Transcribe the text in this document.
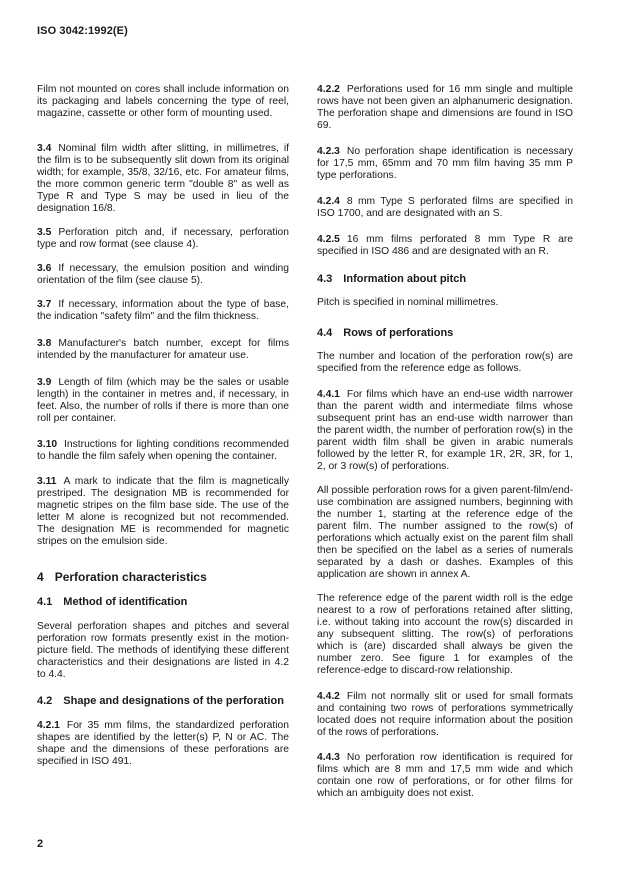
ISO 3042:1992(E)

Film not mounted on cores shall include information on its packaging and labels concerning the type of reel, magazine, cassette or other form of mounting used.

3.4 Nominal film width after slitting, in millimetres, if the film is to be subsequently slit down from its original width; for example, 35/8, 32/16, etc. For amateur films, the more common generic term "double 8" as well as Type R and Type S may be used in lieu of the designation 16/8.

3.5 Perforation pitch and, if necessary, perforation type and row format (see clause 4).

3.6 If necessary, the emulsion position and winding orientation of the film (see clause 5).

3.7 If necessary, information about the type of base, the indication "safety film" and the film thickness.

3.8 Manufacturer's batch number, except for films intended by the manufacturer for amateur use.

3.9 Length of film (which may be the sales or usable length) in the container in metres and, if necessary, in feet. Also, the number of rolls if there is more than one roll per container.

3.10 Instructions for lighting conditions recommended to handle the film safely when opening the container.

3.11 A mark to indicate that the film is magnetically prestriped. The designation MB is recommended for magnetic stripes on the film base side. The use of the letter M alone is recognized but not recommended. The designation ME is recommended for magnetic stripes on the emulsion side.

4 Perforation characteristics
4.1 Method of identification

Several perforation shapes and pitches and several perforation row formats presently exist in the motion-picture field. The methods of identifying these different characteristics and their designations are listed in 4.2 to 4.4.

4.2 Shape and designations of the perforation

4.2.1 For 35 mm films, the standardized perforation shapes are identified by the letter(s) P, N or AC. The shape and the dimensions of these perforations are specified in ISO 491.

4.2.2 Perforations used for 16 mm single and multiple rows have not been given an alphanumeric designation. The perforation shape and dimensions are found in ISO 69.

4.2.3 No perforation shape identification is necessary for 17,5 mm, 65mm and 70 mm film having 35 mm P type perforations.

4.2.4 8 mm Type S perforated films are specified in ISO 1700, and are designated with an S.

4.2.5 16 mm films perforated 8 mm Type R are specified in ISO 486 and are designated with an R.

4.3 Information about pitch

Pitch is specified in nominal millimetres.

4.4 Rows of perforations

The number and location of the perforation row(s) are specified from the reference edge as follows.

4.4.1 For films which have an end-use width narrower than the parent width and intermediate films whose subsequent print has an end-use width narrower than the parent width, the number of perforation row(s) in the parent width film shall be given in arabic numerals followed by the letter R, for example 1R, 2R, 3R, for 1, 2, or 3 row(s) of perforations.

All possible perforation rows for a given parent-film/end-use combination are assigned numbers, beginning with the number 1, starting at the reference edge of the parent film. The number assigned to the row(s) of perforations which actually exist on the parent film shall then be specified on the label as a series of numerals separated by a dash or dashes. Examples of this application are shown in annex A.

The reference edge of the parent width roll is the edge nearest to a row of perforations retained after slitting, i.e. without taking into account the row(s) discarded in any subsequent slitting. The row(s) of perforations which is (are) discarded shall always be given the number zero. See figure 1 for examples of the reference-edge to discard-row relationship.

4.4.2 Film not normally slit or used for small formats and containing two rows of perforations symmetrically located does not require information about the position of the rows of perforations.

4.4.3 No perforation row identification is required for films which are 8 mm and 17,5 mm wide and which contain one row of perforations, or for other films for which an ambiguity does not exist.

2
